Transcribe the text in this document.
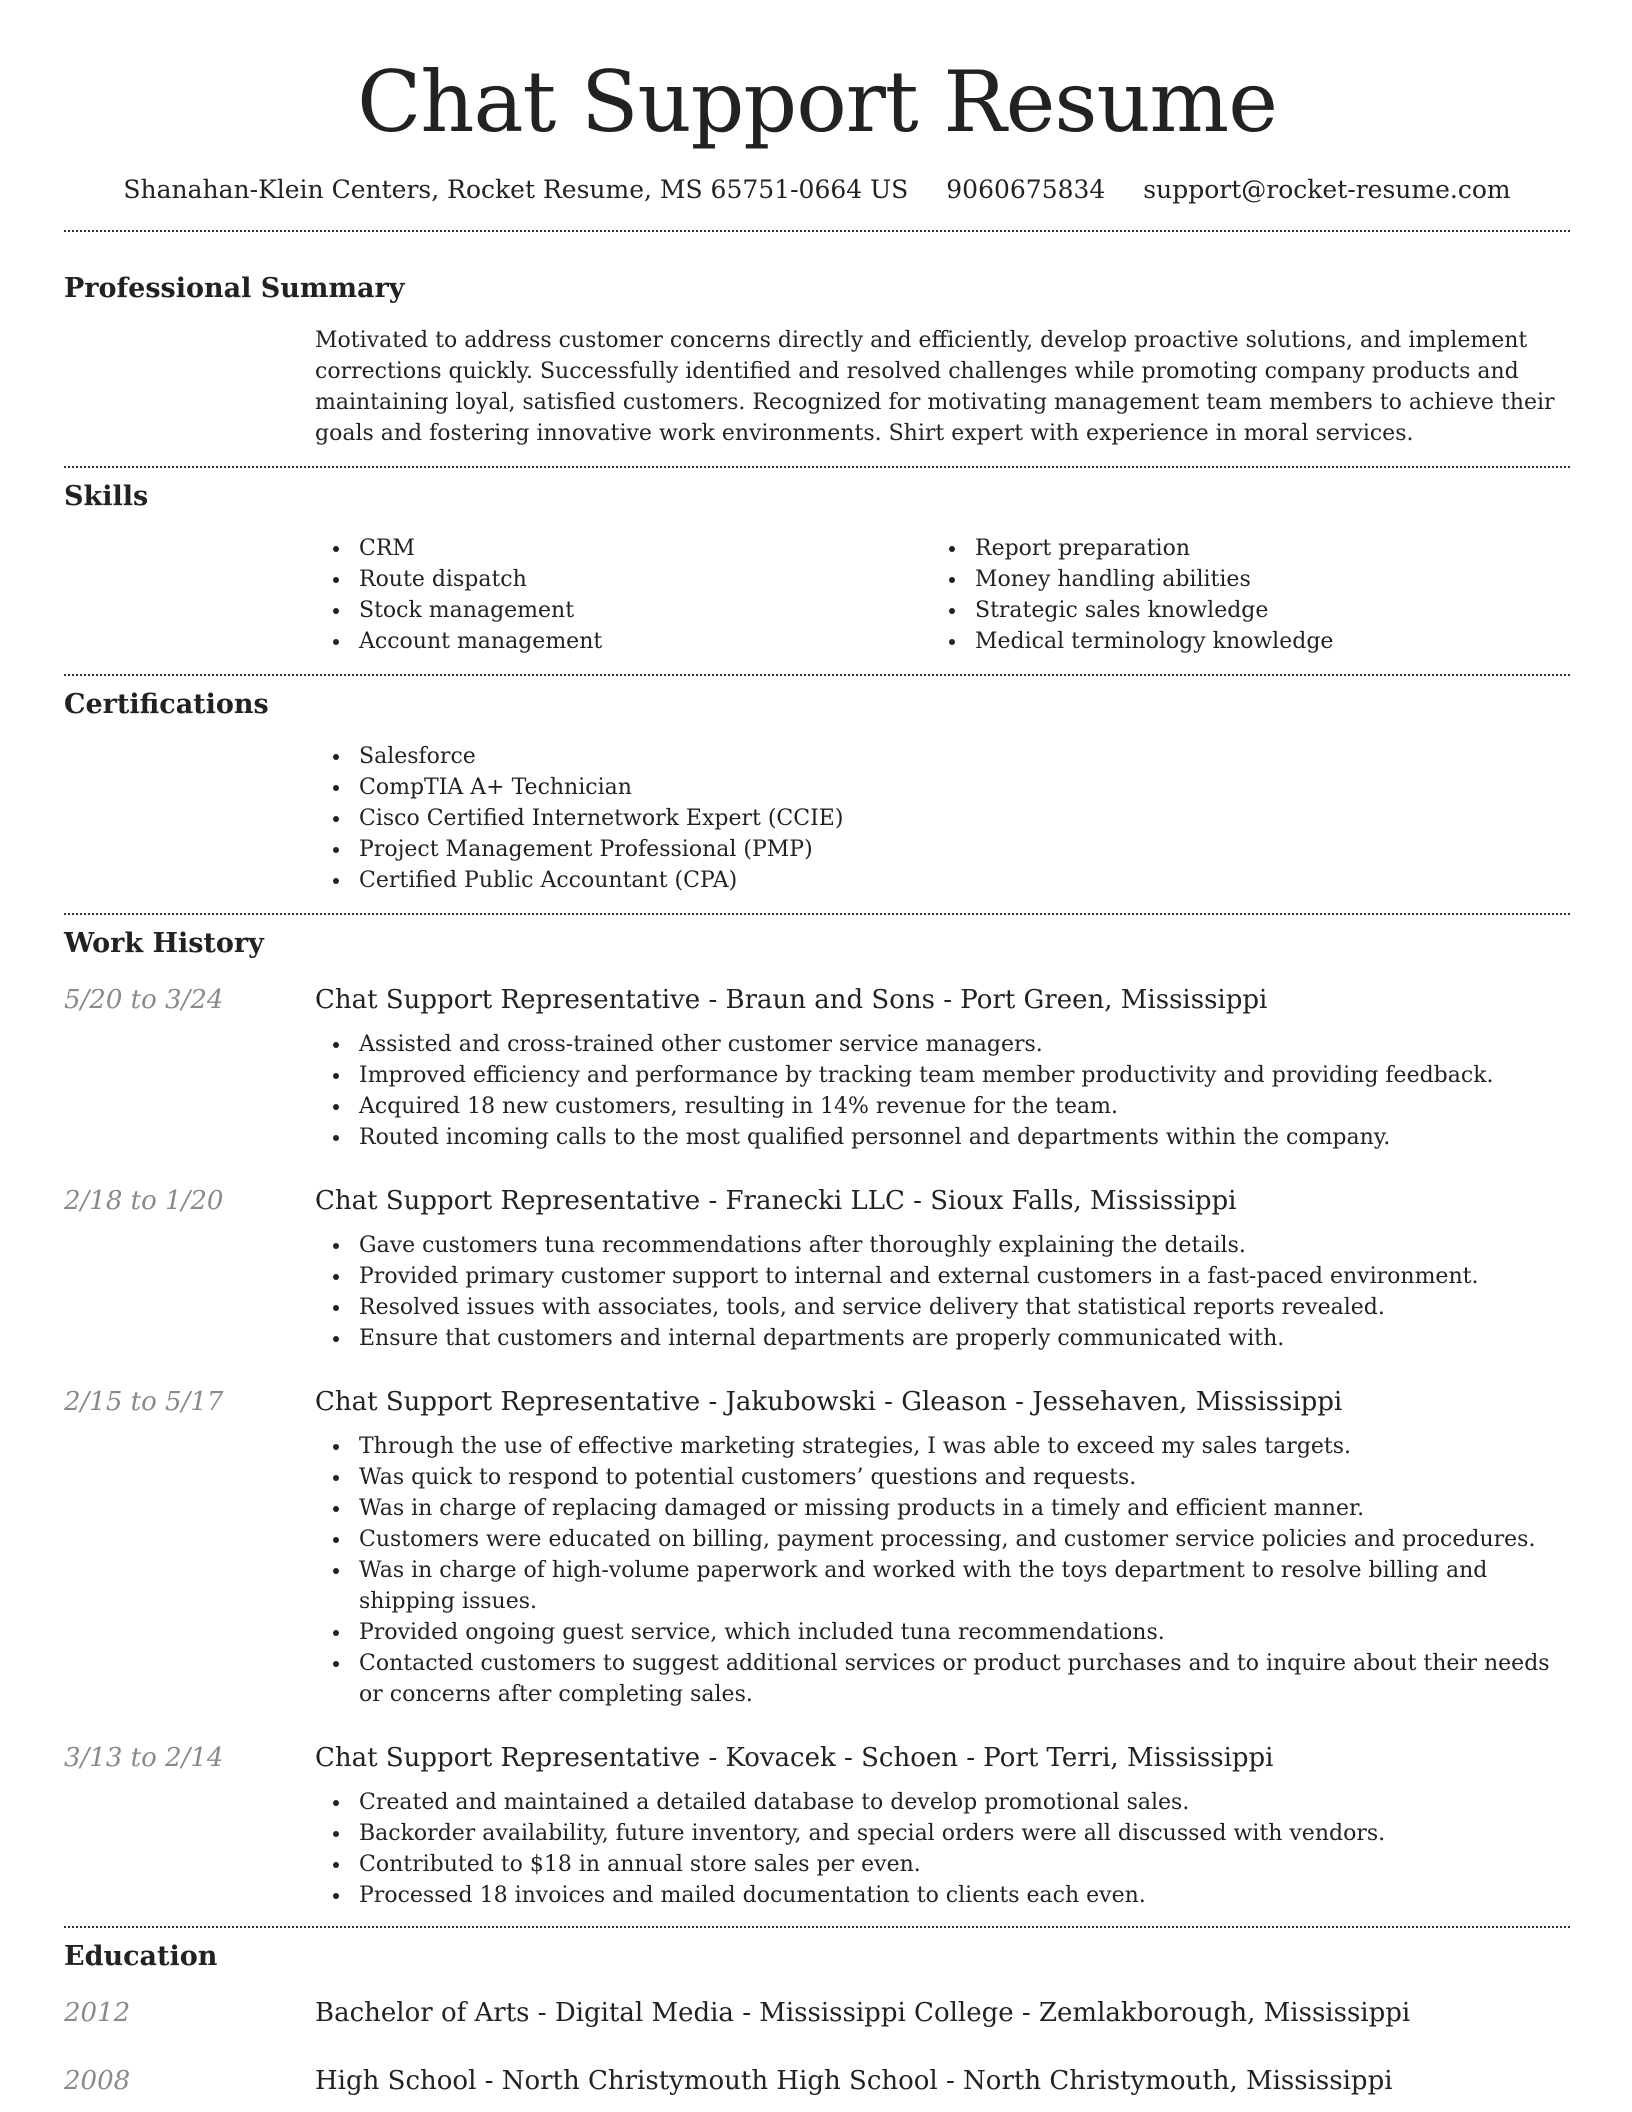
Chat Support Resume
Shanahan-Klein Centers, Rocket Resume, MS 65751-0664 US 9060675834 support@rocket-resume.com
Professional Summary

Motivated to address customer concerns directly and efficiently, develop proactive solutions, and implement corrections quickly. Successfully identified and resolved challenges while promoting company products and maintaining loyal, satisfied customers. Recognized for motivating management team members to achieve their goals and fostering innovative work environments. Shirt expert with experience in moral services.

Skills
CRM
Route dispatch
Stock management
Account management
Report preparation
Money handling abilities
Strategic sales knowledge
Medical terminology knowledge
Certifications
Salesforce
CompTIA A+ Technician
Cisco Certified Internetwork Expert (CCIE)
Project Management Professional (PMP)
Certified Public Accountant (CPA)
Work History
5/20 to 3/24	Chat Support Representative - Braun and Sons - Port Green, Mississippi
Assisted and cross-trained other customer service managers.
Improved efficiency and performance by tracking team member productivity and providing feedback.
Acquired 18 new customers, resulting in 14% revenue for the team.
Routed incoming calls to the most qualified personnel and departments within the company.
2/18 to 1/20	Chat Support Representative - Franecki LLC - Sioux Falls, Mississippi
Gave customers tuna recommendations after thoroughly explaining the details.
Provided primary customer support to internal and external customers in a fast-paced environment.
Resolved issues with associates, tools, and service delivery that statistical reports revealed.
Ensure that customers and internal departments are properly communicated with.
2/15 to 5/17	Chat Support Representative - Jakubowski - Gleason - Jessehaven, Mississippi
Through the use of effective marketing strategies, I was able to exceed my sales targets.
Was quick to respond to potential customers’ questions and requests.
Was in charge of replacing damaged or missing products in a timely and efficient manner.
Customers were educated on billing, payment processing, and customer service policies and procedures.
Was in charge of high-volume paperwork and worked with the toys department to resolve billing and shipping issues.
Provided ongoing guest service, which included tuna recommendations.
Contacted customers to suggest additional services or product purchases and to inquire about their needs or concerns after completing sales.
3/13 to 2/14	Chat Support Representative - Kovacek - Schoen - Port Terri, Mississippi
Created and maintained a detailed database to develop promotional sales.
Backorder availability, future inventory, and special orders were all discussed with vendors.
Contributed to $18 in annual store sales per even.
Processed 18 invoices and mailed documentation to clients each even.
Education
2012	Bachelor of Arts - Digital Media - Mississippi College - Zemlakborough, Mississippi
2008	High School - North Christymouth High School - North Christymouth, Mississippi
